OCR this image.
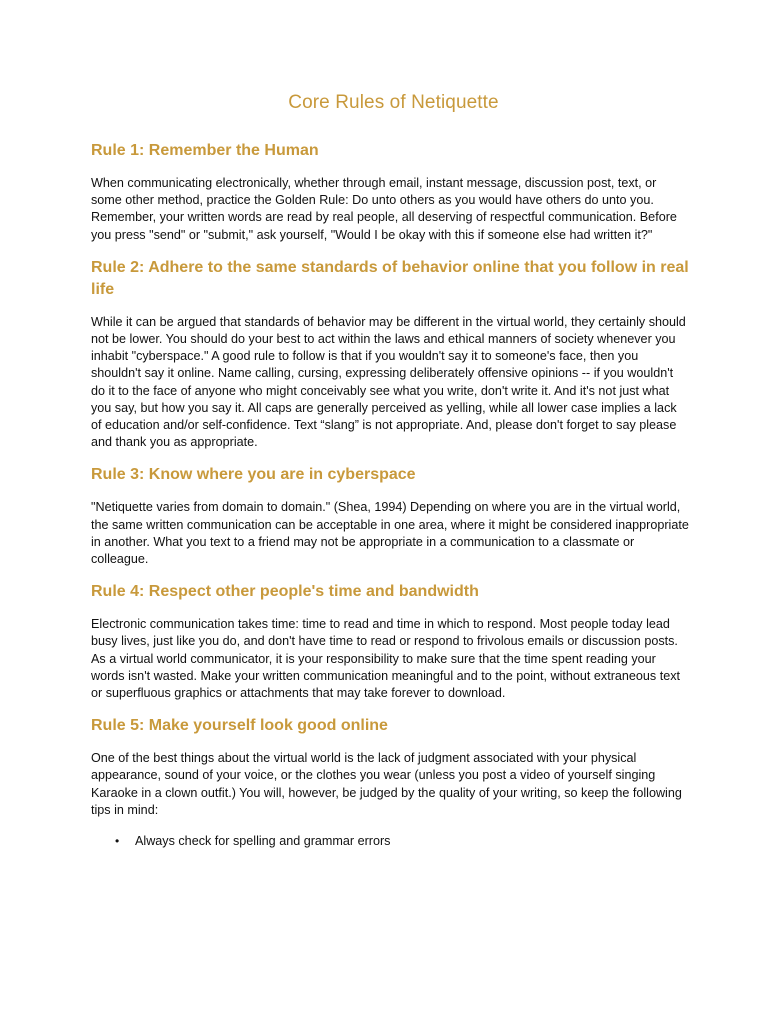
Core Rules of Netiquette
Rule 1: Remember the Human

When communicating electronically, whether through email, instant message, discussion post, text, or some other method, practice the Golden Rule: Do unto others as you would have others do unto you. Remember, your written words are read by real people, all deserving of respectful communication. Before you press "send" or "submit," ask yourself, "Would I be okay with this if someone else had written it?"

Rule 2: Adhere to the same standards of behavior online that you follow in real life

While it can be argued that standards of behavior may be different in the virtual world, they certainly should not be lower. You should do your best to act within the laws and ethical manners of society whenever you inhabit "cyberspace." A good rule to follow is that if you wouldn't say it to someone's face, then you shouldn't say it online. Name calling, cursing, expressing deliberately offensive opinions -- if you wouldn't do it to the face of anyone who might conceivably see what you write, don't write it. And it's not just what you say, but how you say it. All caps are generally perceived as yelling, while all lower case implies a lack of education and/or self-confidence. Text “slang” is not appropriate. And, please don't forget to say please and thank you as appropriate.

Rule 3: Know where you are in cyberspace

"Netiquette varies from domain to domain." (Shea, 1994) Depending on where you are in the virtual world, the same written communication can be acceptable in one area, where it might be considered inappropriate in another. What you text to a friend may not be appropriate in a communication to a classmate or colleague.

Rule 4: Respect other people's time and bandwidth

Electronic communication takes time: time to read and time in which to respond. Most people today lead busy lives, just like you do, and don't have time to read or respond to frivolous emails or discussion posts. As a virtual world communicator, it is your responsibility to make sure that the time spent reading your words isn't wasted. Make your written communication meaningful and to the point, without extraneous text or superfluous graphics or attachments that may take forever to download.

Rule 5: Make yourself look good online

One of the best things about the virtual world is the lack of judgment associated with your physical appearance, sound of your voice, or the clothes you wear (unless you post a video of yourself singing Karaoke in a clown outfit.) You will, however, be judged by the quality of your writing, so keep the following tips in mind:

• Always check for spelling and grammar errors
